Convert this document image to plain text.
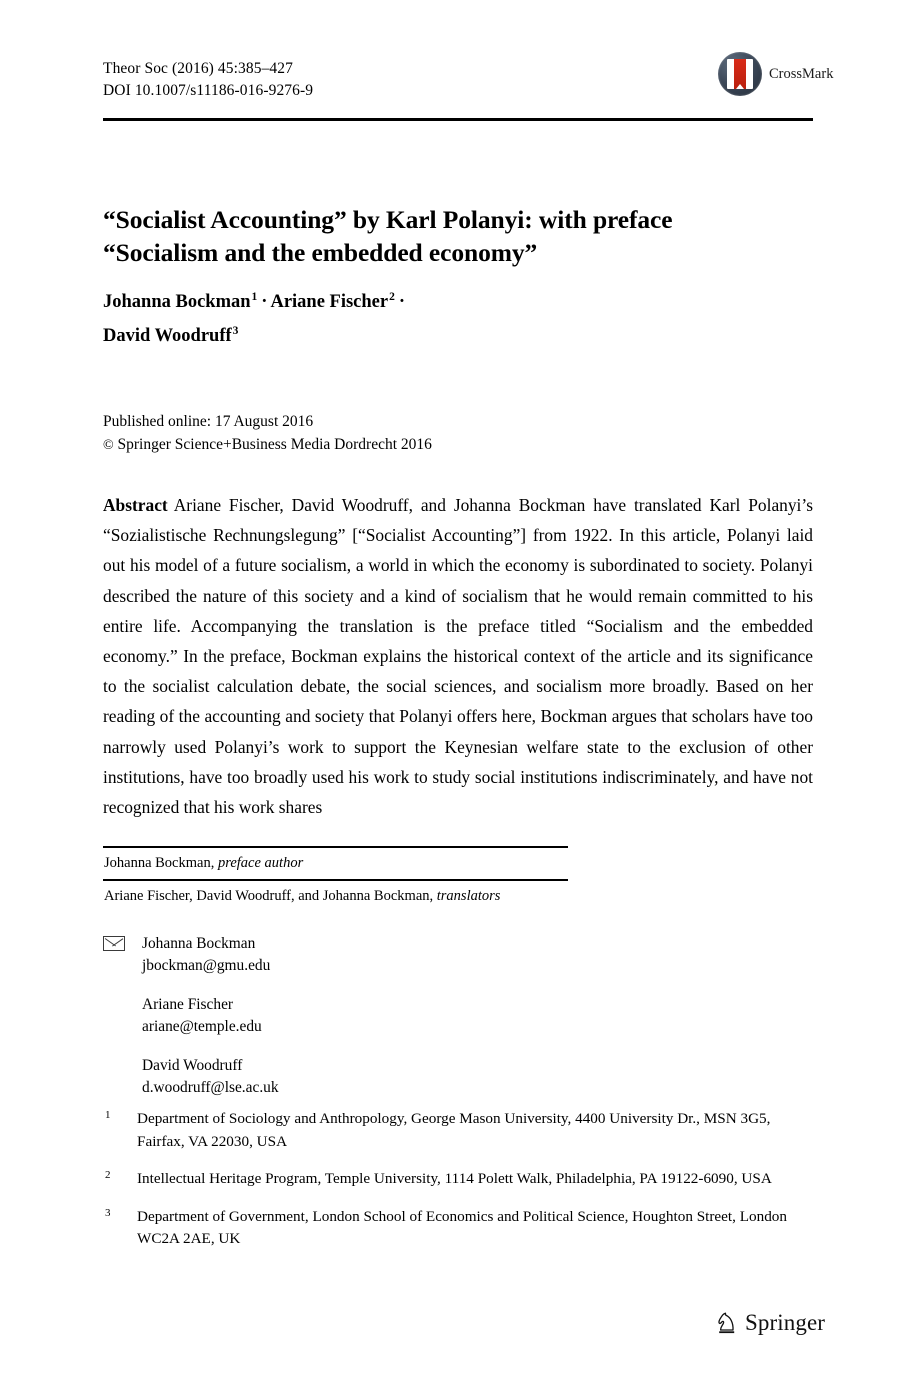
Theor Soc (2016) 45:385–427
DOI 10.1007/s11186-016-9276-9
CrossMark
“Socialist Accounting” by Karl Polanyi: with preface
“Socialism and the embedded economy”
Johanna Bockman$^1$ · Ariane Fischer$^2$ ·
David Woodruff$^3$
Published online: 17 August 2016
© Springer Science+Business Media Dordrecht 2016
Abstract Ariane Fischer, David Woodruff, and Johanna Bockman have translated Karl Polanyi’s “Sozialistische Rechnungslegung” [“Socialist Accounting”] from 1922. In this article, Polanyi laid out his model of a future socialism, a world in which the economy is subordinated to society. Polanyi described the nature of this society and a kind of socialism that he would remain committed to his entire life. Accompanying the translation is the preface titled “Socialism and the embedded economy.” In the preface, Bockman explains the historical context of the article and its significance to the socialist calculation debate, the social sciences, and socialism more broadly. Based on her reading of the accounting and society that Polanyi offers here, Bockman argues that scholars have too narrowly used Polanyi’s work to support the Keynesian welfare state to the exclusion of other institutions, have too broadly used his work to study social institutions indiscriminately, and have not recognized that his work shares
Johanna Bockman, preface author
Ariane Fischer, David Woodruff, and Johanna Bockman, translators
Johanna Bockman
jbockman@gmu.edu
Ariane Fischer
ariane@temple.edu
David Woodruff
d.woodruff@lse.ac.uk
1 Department of Sociology and Anthropology, George Mason University, 4400 University Dr., MSN 3G5, Fairfax, VA 22030, USA
2 Intellectual Heritage Program, Temple University, 1114 Polett Walk, Philadelphia, PA 19122-6090, USA
3 Department of Government, London School of Economics and Political Science, Houghton Street, London WC2A 2AE, UK
Springer
